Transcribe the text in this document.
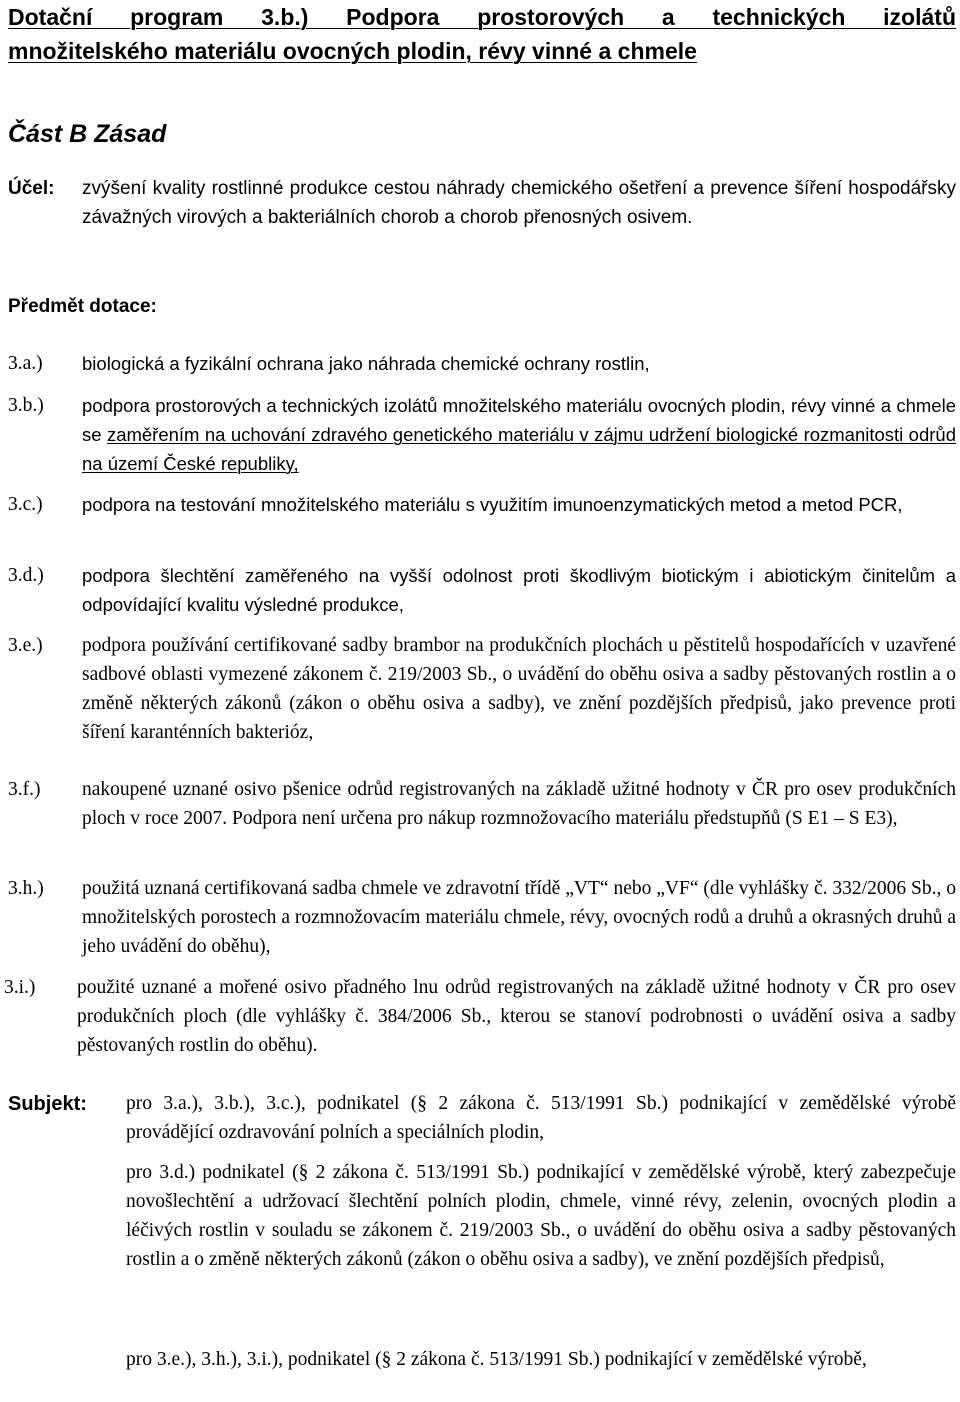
Dotační program 3.b.) Podpora prostorových a technických izolátů
množitelského materiálu ovocných plodin, révy vinné a chmele
Část B Zásad
Účel: zvýšení kvality rostlinné produkce cestou náhrady chemického ošetření a prevence šíření hospodářsky závažných virových a bakteriálních chorob a chorob přenosných osivem.
Předmět dotace:
3.a.) biologická a fyzikální ochrana jako náhrada chemické ochrany rostlin,
3.b.) podpora prostorových a technických izolátů množitelského materiálu ovocných plodin, révy vinné a chmele se zaměřením na uchování zdravého genetického materiálu v zájmu udržení biologické rozmanitosti odrůd na území České republiky,
3.c.) podpora na testování množitelského materiálu s využitím imunoenzymatických metod a metod PCR,
3.d.) podpora šlechtění zaměřeného na vyšší odolnost proti škodlivým biotickým i abiotickým činitelům a odpovídající kvalitu výsledné produkce,
3.e.) podpora používání certifikované sadby brambor na produkčních plochách u pěstitelů hospodařících v uzavřené sadbové oblasti vymezené zákonem č. 219/2003 Sb., o uvádění do oběhu osiva a sadby pěstovaných rostlin a o změně některých zákonů (zákon o oběhu osiva a sadby), ve znění pozdějších předpisů, jako prevence proti šíření karanténních bakterióz,
3.f.) nakoupené uznané osivo pšenice odrůd registrovaných na základě užitné hodnoty v ČR pro osev produkčních ploch v roce 2007. Podpora není určena pro nákup rozmnožovacího materiálu předstupňů (S E1 – S E3),
3.h.) použitá uznaná certifikovaná sadba chmele ve zdravotní třídě „VT“ nebo „VF“ (dle vyhlášky č. 332/2006 Sb., o množitelských porostech a rozmnožovacím materiálu chmele, révy, ovocných rodů a druhů a okrasných druhů a jeho uvádění do oběhu),
3.i.) použité uznané a mořené osivo přadného lnu odrůd registrovaných na základě užitné hodnoty v ČR pro osev produkčních ploch (dle vyhlášky č. 384/2006 Sb., kterou se stanoví podrobnosti o uvádění osiva a sadby pěstovaných rostlin do oběhu).
Subjekt: pro 3.a.), 3.b.), 3.c.), podnikatel (§ 2 zákona č. 513/1991 Sb.) podnikající v zemědělské výrobě provádějící ozdravování polních a speciálních plodin,
pro 3.d.) podnikatel (§ 2 zákona č. 513/1991 Sb.) podnikající v zemědělské výrobě, který zabezpečuje novošlechtění a udržovací šlechtění polních plodin, chmele, vinné révy, zelenin, ovocných plodin a léčivých rostlin v souladu se zákonem č. 219/2003 Sb., o uvádění do oběhu osiva a sadby pěstovaných rostlin a o změně některých zákonů (zákon o oběhu osiva a sadby), ve znění pozdějších předpisů,
pro 3.e.), 3.h.), 3.i.), podnikatel (§ 2 zákona č. 513/1991 Sb.) podnikající v zemědělské výrobě,
